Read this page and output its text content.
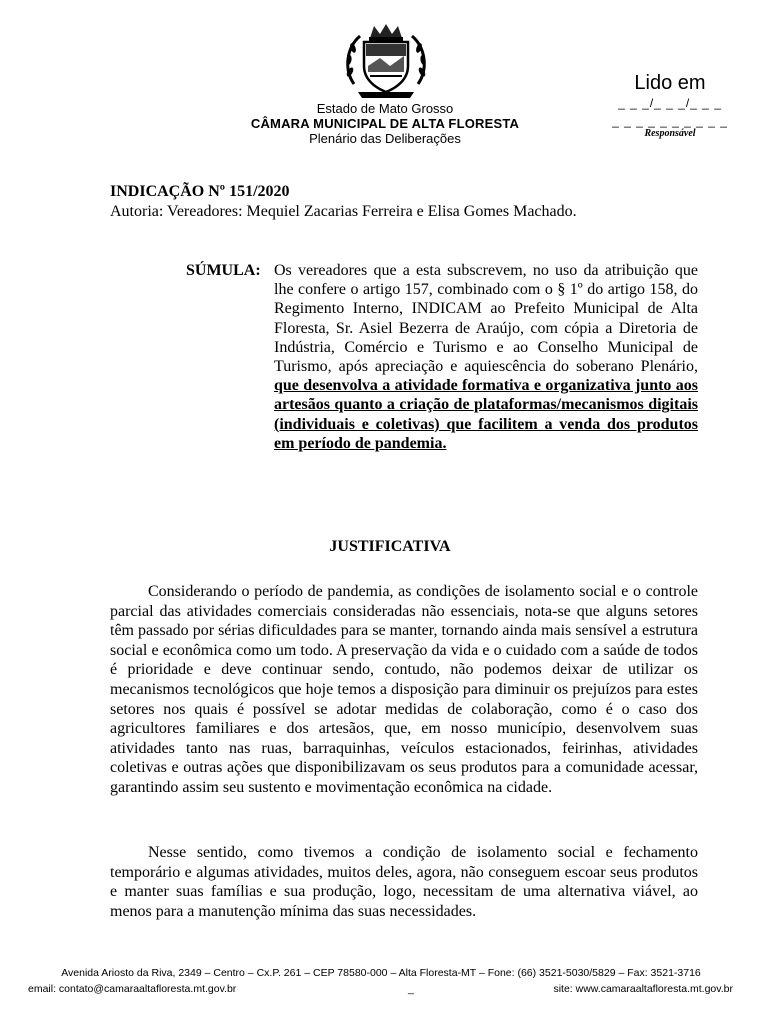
Estado de Mato Grosso
CÂMARA MUNICIPAL DE ALTA FLORESTA
Plenário das Deliberações
Lido em
_ _ _/_ _ _/_ _ _
_ _ _ _ _ _ _ _ _ _
Responsável
INDICAÇÃO Nº 151/2020
Autoria: Vereadores: Mequiel Zacarias Ferreira e Elisa Gomes Machado.
SÚMULA: Os vereadores que a esta subscrevem, no uso da atribuição que lhe confere o artigo 157, combinado com o § 1º do artigo 158, do Regimento Interno, INDICAM ao Prefeito Municipal de Alta Floresta, Sr. Asiel Bezerra de Araújo, com cópia a Diretoria de Indústria, Comércio e Turismo e ao Conselho Municipal de Turismo, após apreciação e aquiescência do soberano Plenário, que desenvolva a atividade formativa e organizativa junto aos artesãos quanto a criação de plataformas/mecanismos digitais (individuais e coletivas) que facilitem a venda dos produtos em período de pandemia.
JUSTIFICATIVA
Considerando o período de pandemia, as condições de isolamento social e o controle parcial das atividades comerciais consideradas não essenciais, nota-se que alguns setores têm passado por sérias dificuldades para se manter, tornando ainda mais sensível a estrutura social e econômica como um todo. A preservação da vida e o cuidado com a saúde de todos é prioridade e deve continuar sendo, contudo, não podemos deixar de utilizar os mecanismos tecnológicos que hoje temos a disposição para diminuir os prejuízos para estes setores nos quais é possível se adotar medidas de colaboração, como é o caso dos agricultores familiares e dos artesãos, que, em nosso município, desenvolvem suas atividades tanto nas ruas, barraquinhas, veículos estacionados, feirinhas, atividades coletivas e outras ações que disponibilizavam os seus produtos para a comunidade acessar, garantindo assim seu sustento e movimentação econômica na cidade.
Nesse sentido, como tivemos a condição de isolamento social e fechamento temporário e algumas atividades, muitos deles, agora, não conseguem escoar seus produtos e manter suas famílias e sua produção, logo, necessitam de uma alternativa viável, ao menos para a manutenção mínima das suas necessidades.
Avenida Ariosto da Riva, 2349 – Centro – Cx.P. 261 – CEP 78580-000 – Alta Floresta-MT – Fone: (66) 3521-5030/5829 – Fax: 3521-3716
email: contato@camaraaltafloresta.mt.gov.br	_	site: www.camaraaltafloresta.mt.gov.br
